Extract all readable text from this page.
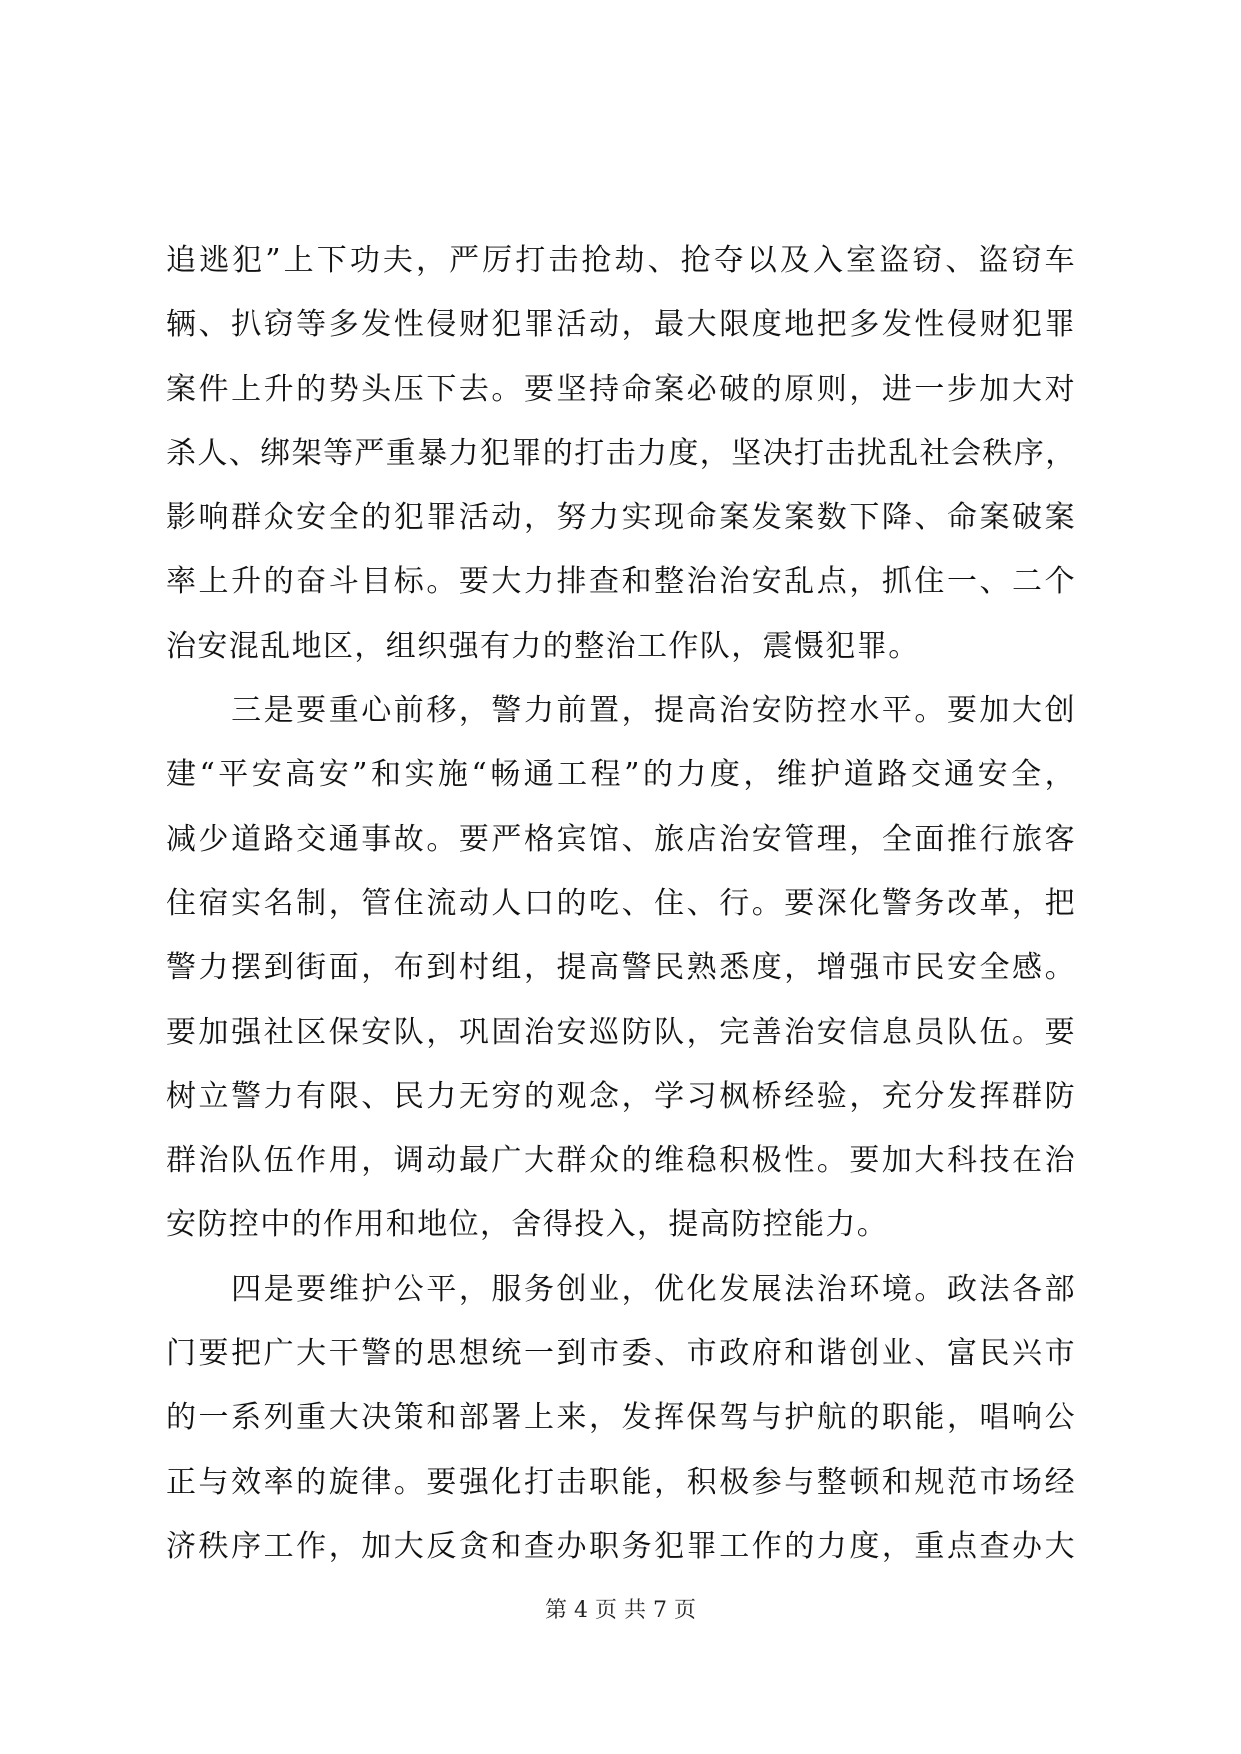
追逃犯”上下功夫，严厉打击抢劫、抢夺以及入室盗窃、盗窃车
辆、扒窃等多发性侵财犯罪活动，最大限度地把多发性侵财犯罪
案件上升的势头压下去。要坚持命案必破的原则，进一步加大对
杀人、绑架等严重暴力犯罪的打击力度，坚决打击扰乱社会秩序，
影响群众安全的犯罪活动，努力实现命案发案数下降、命案破案
率上升的奋斗目标。要大力排查和整治治安乱点，抓住一、二个
治安混乱地区，组织强有力的整治工作队，震慑犯罪。
　　三是要重心前移，警力前置，提高治安防控水平。要加大创
建“平安高安”和实施“畅通工程”的力度，维护道路交通安全，
减少道路交通事故。要严格宾馆、旅店治安管理，全面推行旅客
住宿实名制，管住流动人口的吃、住、行。要深化警务改革，把
警力摆到街面，布到村组，提高警民熟悉度，增强市民安全感。
要加强社区保安队，巩固治安巡防队，完善治安信息员队伍。要
树立警力有限、民力无穷的观念，学习枫桥经验，充分发挥群防
群治队伍作用，调动最广大群众的维稳积极性。要加大科技在治
安防控中的作用和地位，舍得投入，提高防控能力。
　　四是要维护公平，服务创业，优化发展法治环境。政法各部
门要把广大干警的思想统一到市委、市政府和谐创业、富民兴市
的一系列重大决策和部署上来，发挥保驾与护航的职能，唱响公
正与效率的旋律。要强化打击职能，积极参与整顿和规范市场经
济秩序工作，加大反贪和查办职务犯罪工作的力度，重点查办大
第 4 页 共 7 页
